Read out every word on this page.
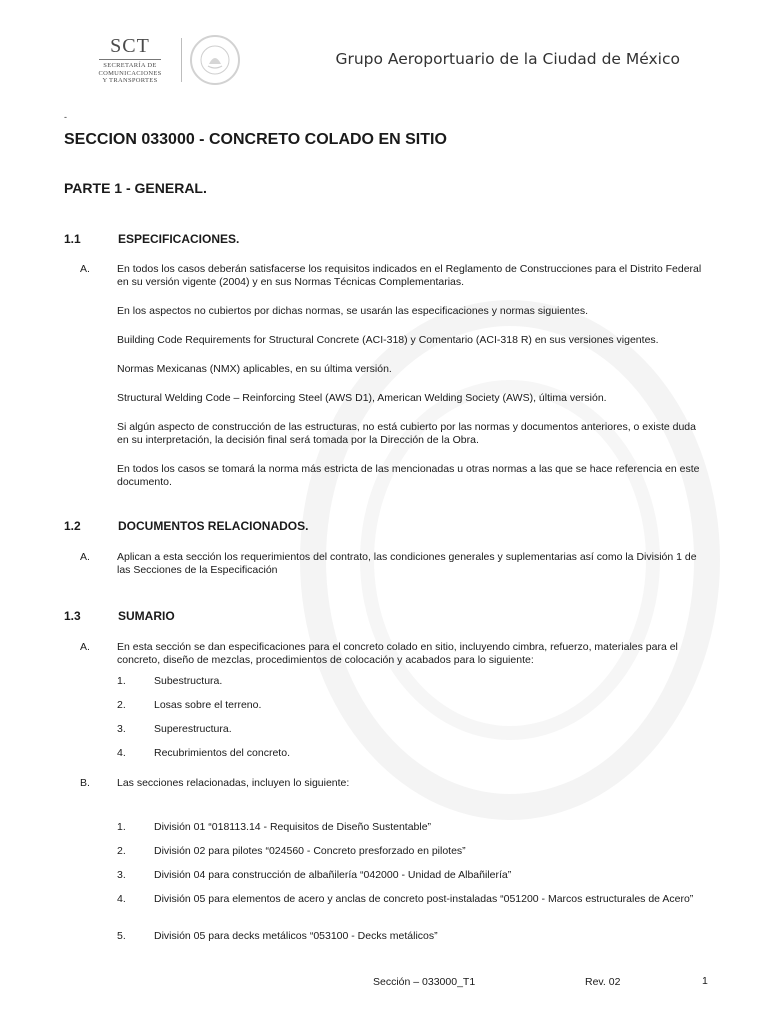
SCT
SECRETARÍA DE
COMUNICACIONES
Y TRANSPORTES
Grupo Aeroportuario de la Ciudad de México
-
SECCION 033000 - CONCRETO COLADO EN SITIO
PARTE 1 - GENERAL.
1.1	ESPECIFICACIONES.
A.	En todos los casos deberán satisfacerse los requisitos indicados en el Reglamento de Construcciones para el Distrito Federal en su versión vigente (2004) y en sus Normas Técnicas Complementarias.

En los aspectos no cubiertos por dichas normas, se usarán las especificaciones y normas siguientes.

Building Code Requirements for Structural Concrete (ACI-318) y Comentario (ACI-318 R) en sus versiones vigentes.

Normas Mexicanas (NMX) aplicables, en su última versión.

Structural Welding Code – Reinforcing Steel (AWS D1), American Welding Society (AWS), última versión.

Si algún aspecto de construcción de las estructuras, no está cubierto por las normas y documentos anteriores, o existe duda en su interpretación, la decisión final será tomada por la Dirección de la Obra.

En todos los casos se tomará la norma más estricta de las mencionadas u otras normas a las que se hace referencia en este documento.

1.2	DOCUMENTOS RELACIONADOS.
A.	Aplican a esta sección los requerimientos del contrato, las condiciones generales y suplementarias así como la División 1 de las Secciones de la Especificación

1.3	SUMARIO
A.	En esta sección se dan especificaciones para el concreto colado en sitio, incluyendo cimbra, refuerzo, materiales para el concreto, diseño de mezclas, procedimientos de colocación y acabados para lo siguiente:

1.	Subestructura.
2.	Losas sobre el terreno.
3.	Superestructura.
4.	Recubrimientos del concreto.
B.	Las secciones relacionadas, incluyen lo siguiente:

1.	División 01 “018113.14 - Requisitos de Diseño Sustentable”
2.	División 02 para pilotes “024560 - Concreto presforzado en pilotes”
3.	División 04 para construcción de albañilería “042000 - Unidad de Albañilería”
4.	División 05 para elementos de acero y anclas de concreto post-instaladas “051200 - Marcos estructurales de Acero”
5.	División 05 para decks metálicos “053100 - Decks metálicos”
Sección – 033000_T1	Rev. 02	1
